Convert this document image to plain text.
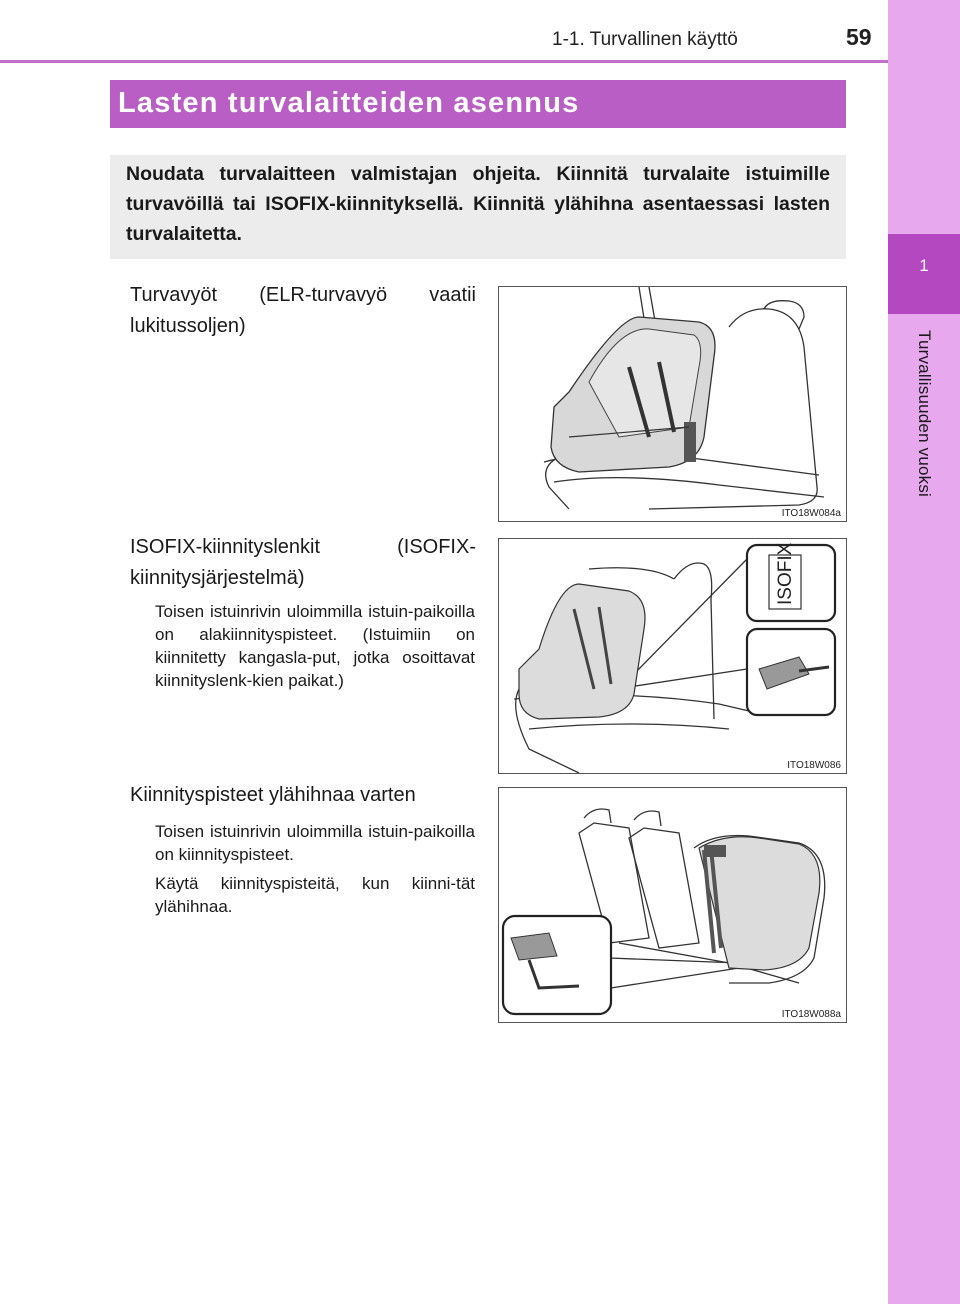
1
Turvallisuuden vuoksi
1-1. Turvallinen käyttö	59
Lasten turvalaitteiden asennus
Noudata turvalaitteen valmistajan ohjeita. Kiinnitä turvalaite istuimille turvavöillä tai ISOFIX-kiinnityksellä. Kiinnitä ylähihna asentaessasi lasten turvalaitetta.
Turvavyöt (ELR-turvavyö vaatii lukitussoljen)
ITO18W084a
ISOFIX-kiinnityslenkit (ISOFIX-kiinnitysjärjestelmä)

Toisen istuinrivin uloimmilla istuin-paikoilla on alakiinnityspisteet. (Istuimiin on kiinnitetty kangasla-put, jotka osoittavat kiinnityslenk-kien paikat.)

ISOFIX
ITO18W086
Kiinnityspisteet ylähihnaa varten

Toisen istuinrivin uloimmilla istuin-paikoilla on kiinnityspisteet.

Käytä kiinnityspisteitä, kun kiinni-tät ylähihnaa.

ITO18W088a
